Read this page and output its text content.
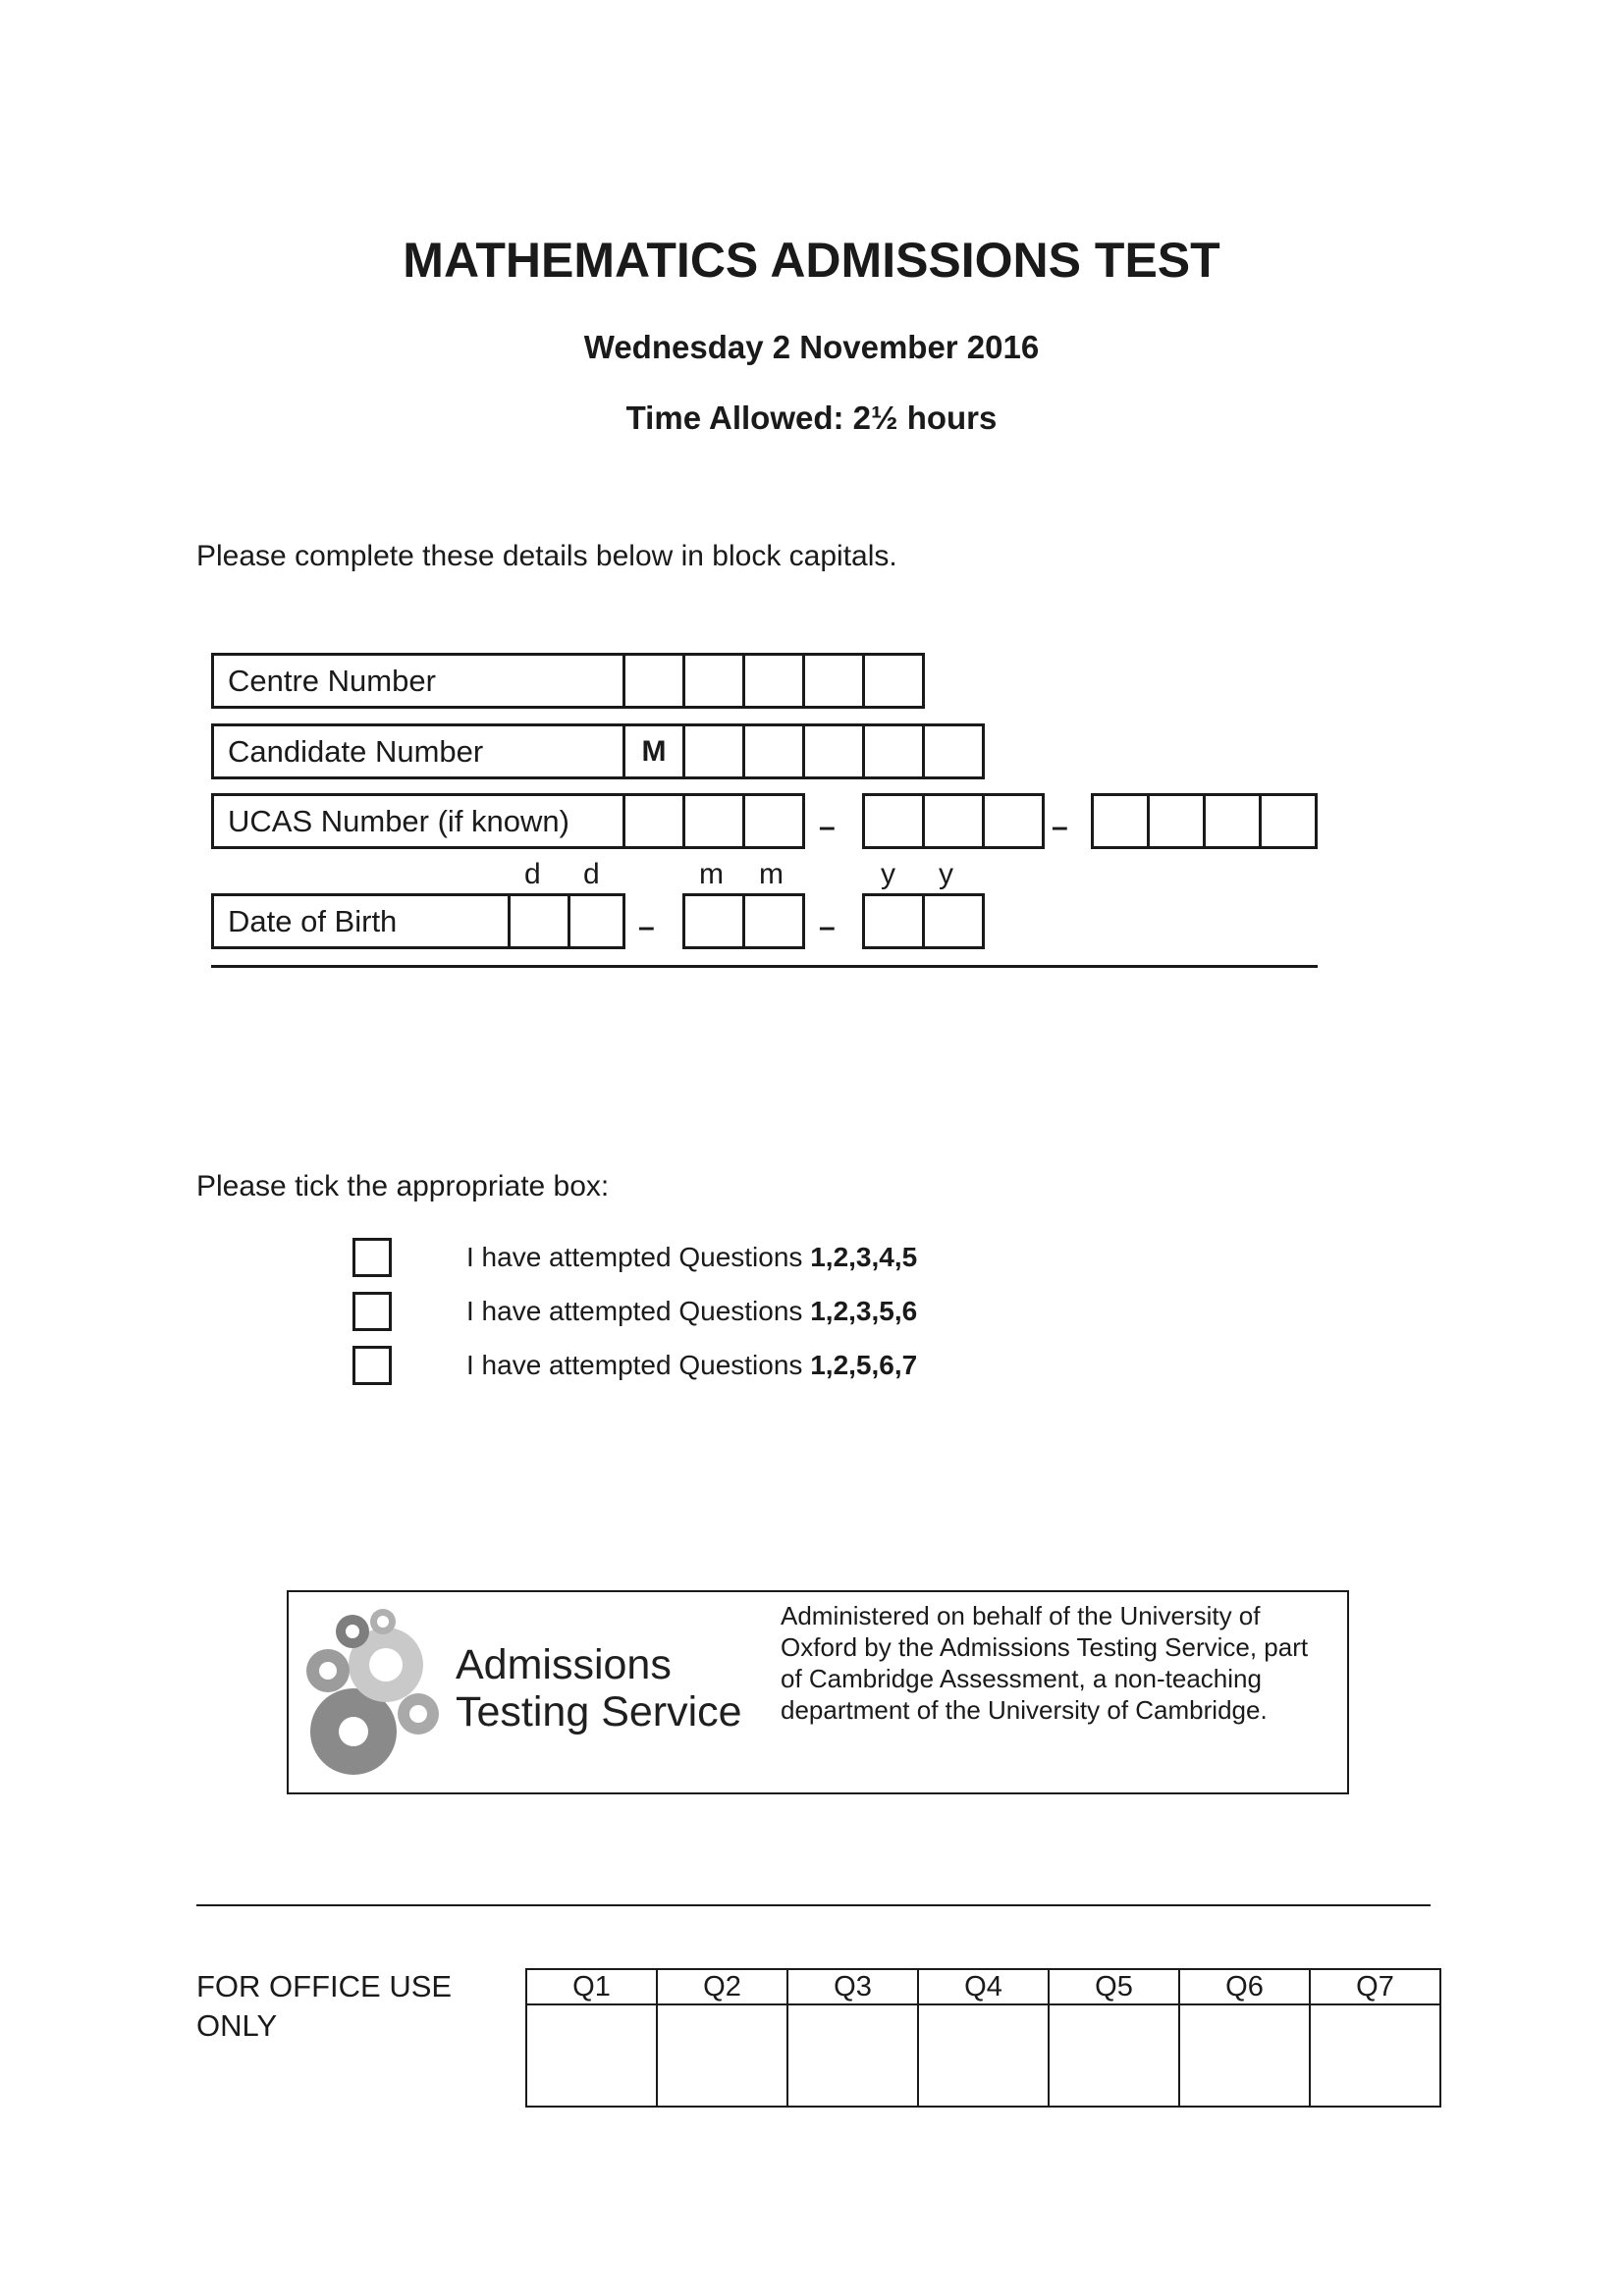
MATHEMATICS ADMISSIONS TEST
Wednesday 2 November 2016
Time Allowed: 2½ hours
Please complete these details below in block capitals.
Centre Number
Candidate Number	M
UCAS Number (if known)	–	–
d d	m m	y y
Date of Birth	–	–
Please tick the appropriate box:
I have attempted Questions 1,2,3,4,5
I have attempted Questions 1,2,3,5,6
I have attempted Questions 1,2,5,6,7
Admissions
Testing Service
Administered on behalf of the University of Oxford by the Admissions Testing Service, part of Cambridge Assessment, a non-teaching department of the University of Cambridge.
FOR OFFICE USE ONLY
Q1	Q2	Q3	Q4	Q5	Q6	Q7
